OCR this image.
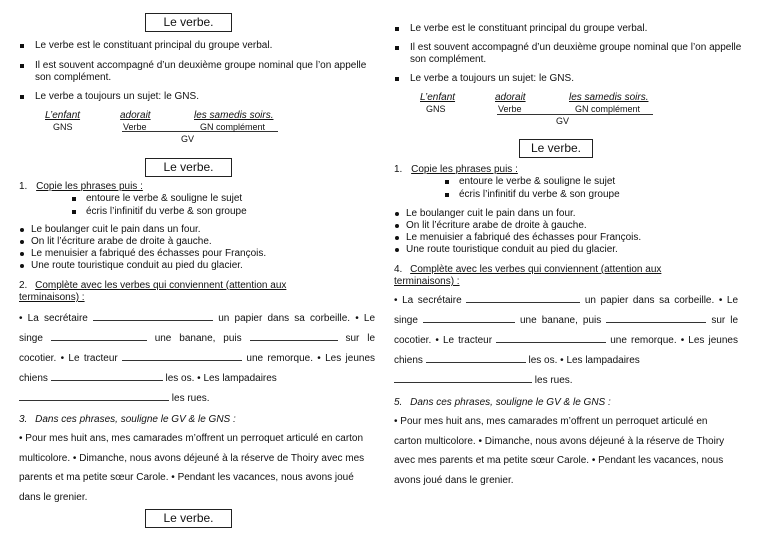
Le verbe.
Le verbe est le constituant principal du groupe verbal.
Il est souvent accompagné d’un deuxième groupe nominal que l’on appelle son complément.
Le verbe a toujours un sujet: le GNS.
L’enfant	adorait	les samedis soirs.
GNS	Verbe	GN complément
GV
Le verbe.
1. Copie les phrases puis :
entoure le verbe & souligne le sujet
écris l’infinitif du verbe & son groupe
Le boulanger cuit le pain dans un four.
On lit l’écriture arabe de droite à gauche.
Le menuisier a fabriqué des échasses pour François.
Une route touristique conduit au pied du glacier.
2. Complète avec les verbes qui conviennent (attention aux
terminaisons) :
• La secrétaire	un papier dans sa corbeille. • Le singe	une banane, puis	sur le cocotier. • Le tracteur	une remorque. • Les jeunes chiens	les os. • Les lampadaires
les rues.
3. Dans ces phrases, souligne le GV & le GNS :
• Pour mes huit ans, mes camarades m’offrent un perroquet articulé en carton multicolore. • Dimanche, nous avons déjeuné à la réserve de Thoiry avec mes parents et ma petite sœur Carole. • Pendant les vacances, nous avons joué dans le grenier.
Le verbe.
Le verbe est le constituant principal du groupe verbal.
Il est souvent accompagné d’un deuxième groupe nominal que l’on appelle son complément.
Le verbe a toujours un sujet: le GNS.
L’enfant	adorait	les samedis soirs.
GNS	Verbe	GN complément
GV
Le verbe.
1. Copie les phrases puis :
entoure le verbe & souligne le sujet
écris l’infinitif du verbe & son groupe
Le boulanger cuit le pain dans un four.
On lit l’écriture arabe de droite à gauche.
Le menuisier a fabriqué des échasses pour François.
Une route touristique conduit au pied du glacier.
4. Complète avec les verbes qui conviennent (attention aux
terminaisons) :
• La secrétaire	un papier dans sa corbeille. • Le singe	une banane, puis	sur le cocotier. • Le tracteur	une remorque. • Les jeunes chiens	les os. • Les lampadaires
les rues.
5. Dans ces phrases, souligne le GV & le GNS :
• Pour mes huit ans, mes camarades m’offrent un perroquet articulé en carton multicolore. • Dimanche, nous avons déjeuné à la réserve de Thoiry avec mes parents et ma petite sœur Carole. • Pendant les vacances, nous avons joué dans le grenier.
